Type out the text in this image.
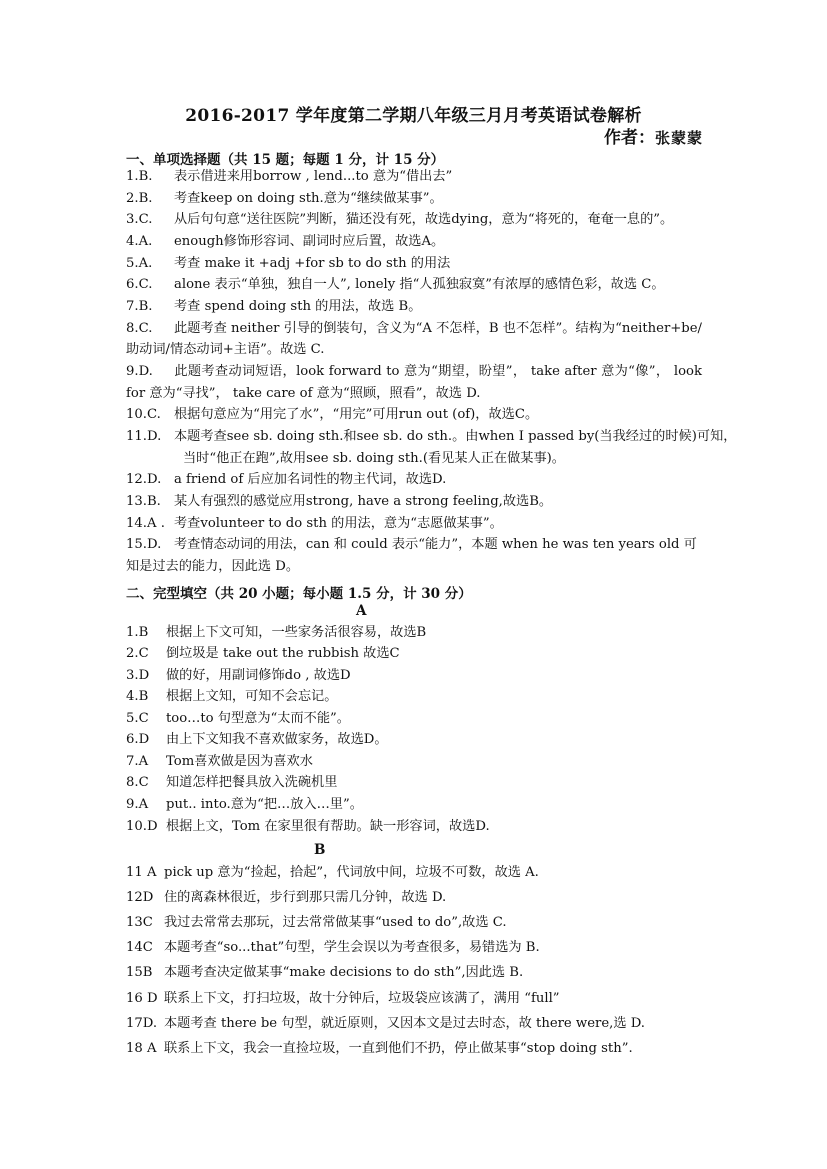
2016-2017 学年度第二学期八年级三月月考英语试卷解析
作者：张蒙蒙
一、单项选择题（共 15 题；每题 1 分，计 15 分）
1.B. 表示借进来用borrow , lend...to 意为“借出去”
2.B. 考查keep on doing sth.意为“继续做某事”。
3.C. 从后句句意“送往医院”判断，猫还没有死，故选dying，意为“将死的，奄奄一息的”。
4.A. enough修饰形容词、副词时应后置，故选A。
5.A. 考查 make it +adj +for sb to do sth 的用法
6.C. alone 表示“单独，独自一人”, lonely 指“人孤独寂寞”有浓厚的感情色彩，故选 C。
7.B. 考查 spend doing sth 的用法，故选 B。
8.C. 此题考查 neither 引导的倒装句，含义为“A 不怎样，B 也不怎样”。结构为“neither+be/
助动词/情态动词+主语”。故选 C.
9.D. 此题考查动词短语，look forward to 意为“期望，盼望”， take after 意为“像”， look
for 意为“寻找”， take care of 意为“照顾，照看”，故选 D.
10.C. 根据句意应为“用完了水”，“用完”可用run out (of)，故选C。
11.D. 本题考查see sb. doing sth.和see sb. do sth.。由when I passed by(当我经过的时候)可知，
当时“他正在跑”,故用see sb. doing sth.(看见某人正在做某事)。
12.D. a friend of 后应加名词性的物主代词，故选D.
13.B. 某人有强烈的感觉应用strong, have a strong feeling,故选B。
14.A . 考查volunteer to do sth 的用法，意为“志愿做某事”。
15.D. 考查情态动词的用法，can 和 could 表示“能力”，本题 when he was ten years old 可
知是过去的能力，因此选 D。
二、完型填空（共 20 小题；每小题 1.5 分，计 30 分）
A
1.B 根据上下文可知，一些家务活很容易，故选B
2.C 倒垃圾是 take out the rubbish 故选C
3.D 做的好，用副词修饰do , 故选D
4.B 根据上文知，可知不会忘记。
5.C too…to 句型意为“太而不能”。
6.D 由上下文知我不喜欢做家务，故选D。
7.A Tom喜欢做是因为喜欢水
8.C 知道怎样把餐具放入洗碗机里
9.A put.. into.意为“把…放入…里”。
10.D 根据上文，Tom 在家里很有帮助。缺一形容词，故选D.
B
11 A pick up 意为“捡起，拾起”，代词放中间，垃圾不可数，故选 A.
12D 住的离森林很近，步行到那只需几分钟，故选 D.
13C 我过去常常去那玩，过去常常做某事“used to do”,故选 C.
14C 本题考查“so...that”句型，学生会误以为考查很多，易错选为 B.
15B 本题考查决定做某事“make decisions to do sth”,因此选 B.
16 D 联系上下文，打扫垃圾，故十分钟后，垃圾袋应该满了，满用 “full”
17D. 本题考查 there be 句型，就近原则，又因本文是过去时态，故 there were,选 D.
18 A 联系上下文，我会一直捡垃圾，一直到他们不扔，停止做某事“stop doing sth”.
